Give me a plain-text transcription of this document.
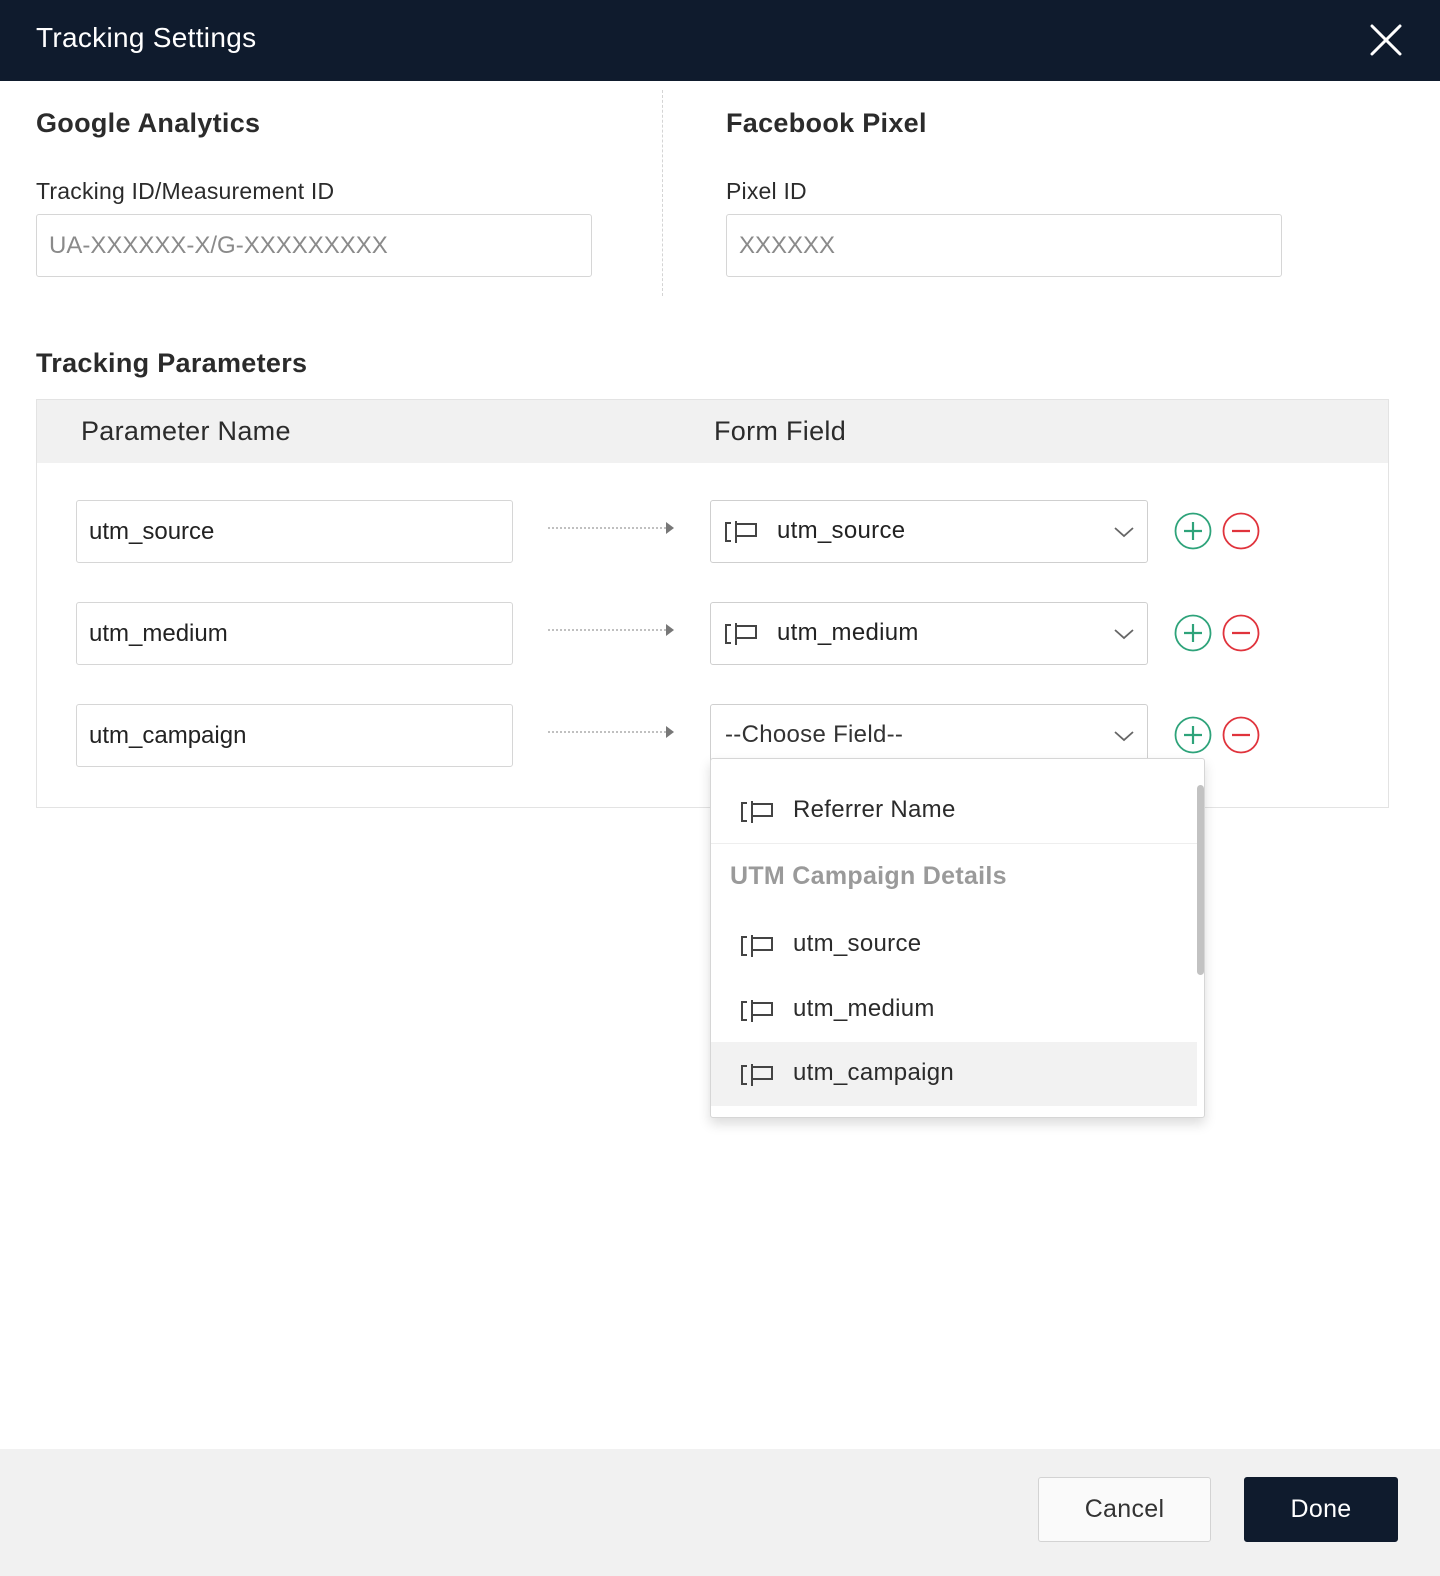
Tracking Settings
Google Analytics
Tracking ID/Measurement ID
UA-XXXXXX-X/G-XXXXXXXXX
Facebook Pixel
Pixel ID
XXXXXX
Tracking Parameters
Parameter Name	Form Field
utm_source
utm_source
utm_medium
utm_medium
utm_campaign
--Choose Field--
Referrer Name
UTM Campaign Details
utm_source
utm_medium
utm_campaign
Cancel	Done
